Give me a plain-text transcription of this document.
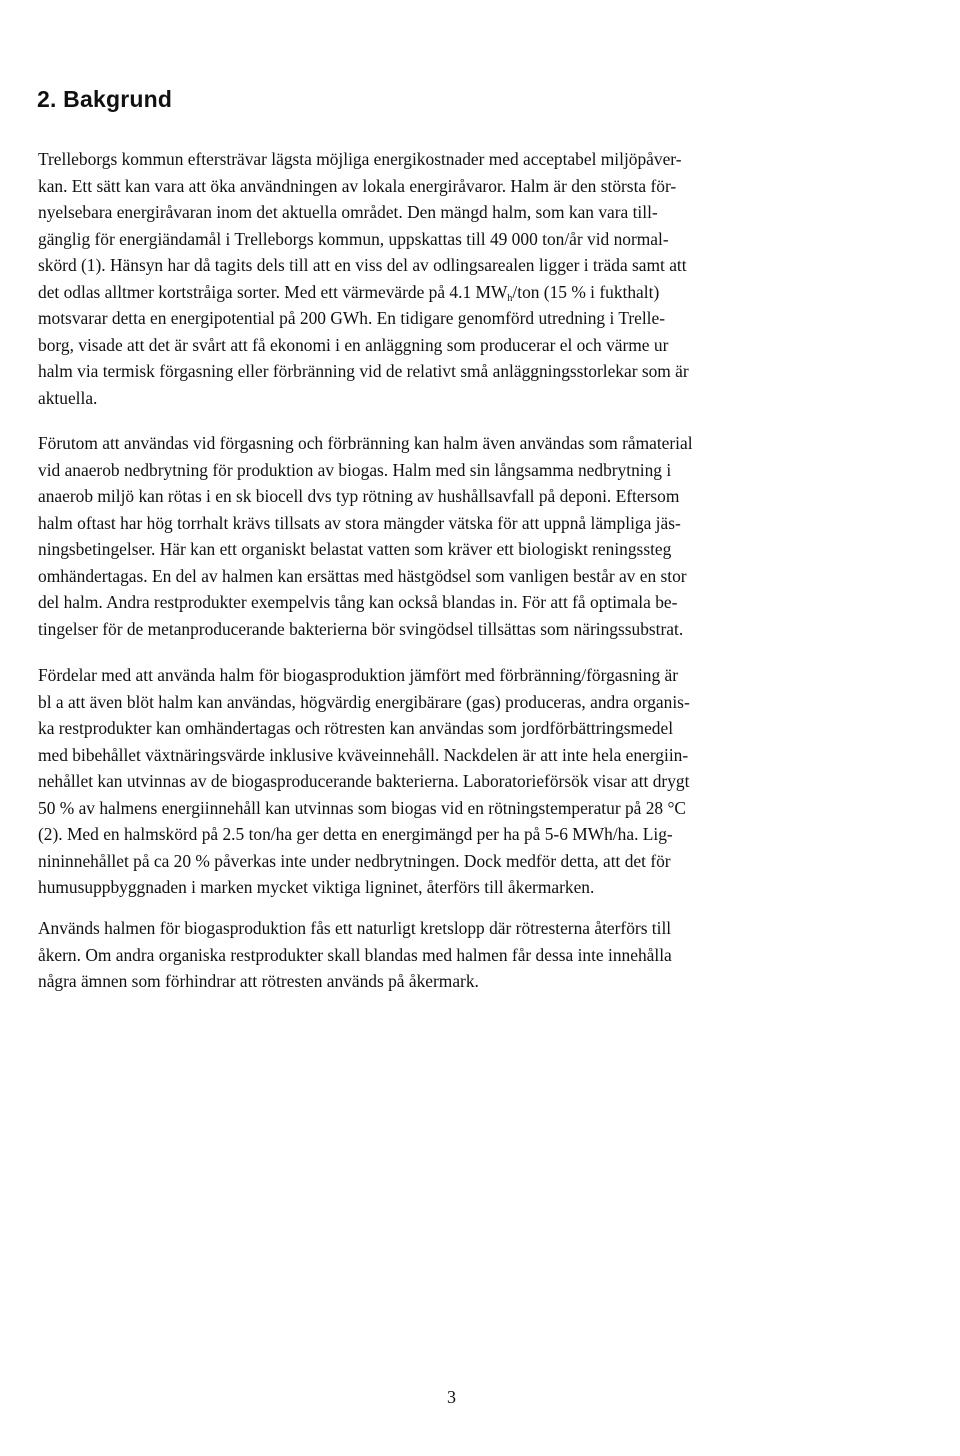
2. Bakgrund
Trelleborgs kommun eftersträvar lägsta möjliga energikostnader med acceptabel miljöpåver-
kan. Ett sätt kan vara att öka användningen av lokala energiråvaror. Halm är den största för-
nyelsebara energiråvaran inom det aktuella området. Den mängd halm, som kan vara till-
gänglig för energiändamål i Trelleborgs kommun, uppskattas till 49 000 ton/år vid normal-
skörd (1). Hänsyn har då tagits dels till att en viss del av odlingsarealen ligger i träda samt att
det odlas alltmer kortstråiga sorter. Med ett värmevärde på 4.1 $MW_h$/ton (15 % i fukthalt)
motsvarar detta en energipotential på 200 GWh. En tidigare genomförd utredning i Trelle-
borg, visade att det är svårt att få ekonomi i en anläggning som producerar el och värme ur
halm via termisk förgasning eller förbränning vid de relativt små anläggningsstorlekar som är
aktuella.
Förutom att användas vid förgasning och förbränning kan halm även användas som råmaterial
vid anaerob nedbrytning för produktion av biogas. Halm med sin långsamma nedbrytning i
anaerob miljö kan rötas i en sk biocell dvs typ rötning av hushållsavfall på deponi. Eftersom
halm oftast har hög torrhalt krävs tillsats av stora mängder vätska för att uppnå lämpliga jäs-
ningsbetingelser. Här kan ett organiskt belastat vatten som kräver ett biologiskt reningssteg
omhändertagas. En del av halmen kan ersättas med hästgödsel som vanligen består av en stor
del halm. Andra restprodukter exempelvis tång kan också blandas in. För att få optimala be-
tingelser för de metanproducerande bakterierna bör svingödsel tillsättas som näringssubstrat.
Fördelar med att använda halm för biogasproduktion jämfört med förbränning/förgasning är
bl a att även blöt halm kan användas, högvärdig energibärare (gas) produceras, andra organis-
ka restprodukter kan omhändertagas och rötresten kan användas som jordförbättringsmedel
med bibehållet växtnäringsvärde inklusive kväveinnehåll. Nackdelen är att inte hela energiin-
nehållet kan utvinnas av de biogasproducerande bakterierna. Laboratorieförsök visar att drygt
50 % av halmens energiinnehåll kan utvinnas som biogas vid en rötningstemperatur på 28 °C
(2). Med en halmskörd på 2.5 ton/ha ger detta en energimängd per ha på 5-6 MWh/ha. Lig-
nininnehållet på ca 20 % påverkas inte under nedbrytningen. Dock medför detta, att det för
humusuppbyggnaden i marken mycket viktiga ligninet, återförs till åkermarken.
Används halmen för biogasproduktion fås ett naturligt kretslopp där rötresterna återförs till
åkern. Om andra organiska restprodukter skall blandas med halmen får dessa inte innehålla
några ämnen som förhindrar att rötresten används på åkermark.
3
